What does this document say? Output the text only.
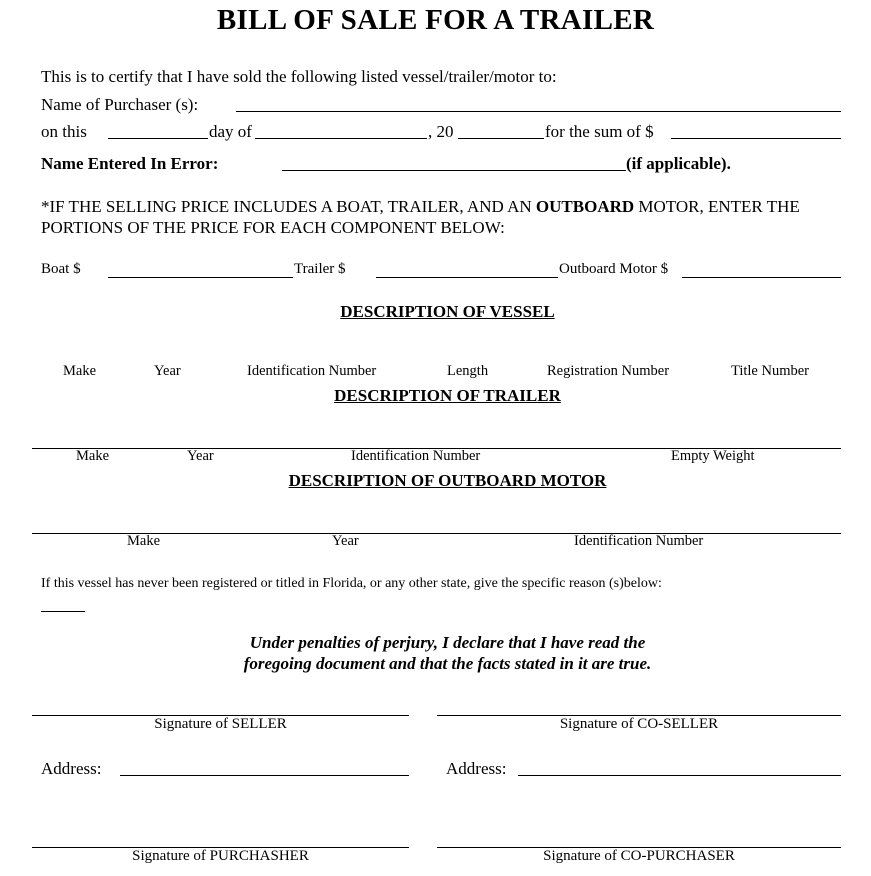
BILL OF SALE FOR A TRAILER
This is to certify that I have sold the following listed vessel/trailer/motor to:
Name of Purchaser (s):
on this	day of	, 20	for the sum of $
Name Entered In Error:	(if applicable).
*IF THE SELLING PRICE INCLUDES A BOAT, TRAILER, AND AN OUTBOARD MOTOR, ENTER THE PORTIONS OF THE PRICE FOR EACH COMPONENT BELOW:
Boat $	Trailer $	Outboard Motor $
DESCRIPTION OF VESSEL
Make	Year	Identification Number	Length	Registration Number	Title Number
DESCRIPTION OF TRAILER
Make	Year	Identification Number	Empty Weight
DESCRIPTION OF OUTBOARD MOTOR
Make	Year	Identification Number
If this vessel has never been registered or titled in Florida, or any other state, give the specific reason (s)below:
Under penalties of perjury, I declare that I have read the
foregoing document and that the facts stated in it are true.
Signature of SELLER	Signature of CO-SELLER
Address:	Address:
Signature of PURCHASHER	Signature of CO-PURCHASER
